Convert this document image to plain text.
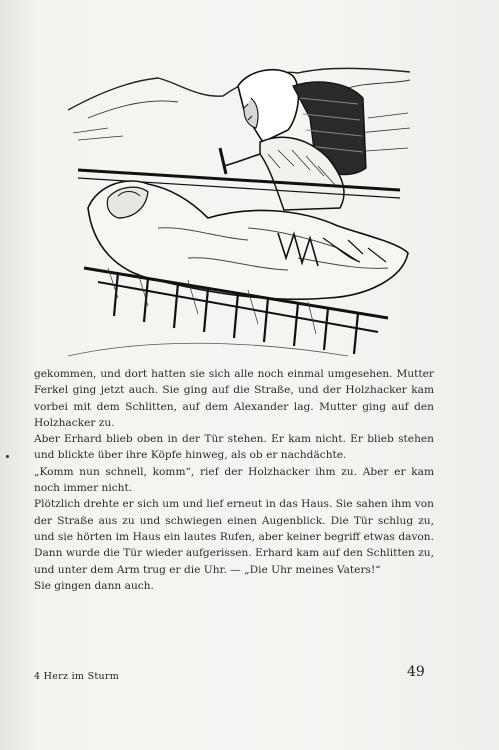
gekommen, und dort hatten sie sich alle noch einmal umgesehen. Mutter Ferkel ging jetzt auch. Sie ging auf die Straße, und der Holzhacker kam vorbei mit dem Schlitten, auf dem Alexander lag. Mutter ging auf den Holzhacker zu.

Aber Erhard blieb oben in der Tür stehen. Er kam nicht. Er blieb stehen und blickte über ihre Köpfe hinweg, als ob er nachdächte.

„Komm nun schnell, komm“, rief der Holzhacker ihm zu. Aber er kam noch immer nicht.

Plötzlich drehte er sich um und lief erneut in das Haus. Sie sahen ihm von der Straße aus zu und schwiegen einen Augenblick. Die Tür schlug zu, und sie hörten im Haus ein lautes Rufen, aber keiner begriff etwas davon. Dann wurde die Tür wieder aufgerissen. Erhard kam auf den Schlitten zu, und unter dem Arm trug er die Uhr. — „Die Uhr meines Vaters!“

Sie gingen dann auch.

4 Herz im Sturm	49
